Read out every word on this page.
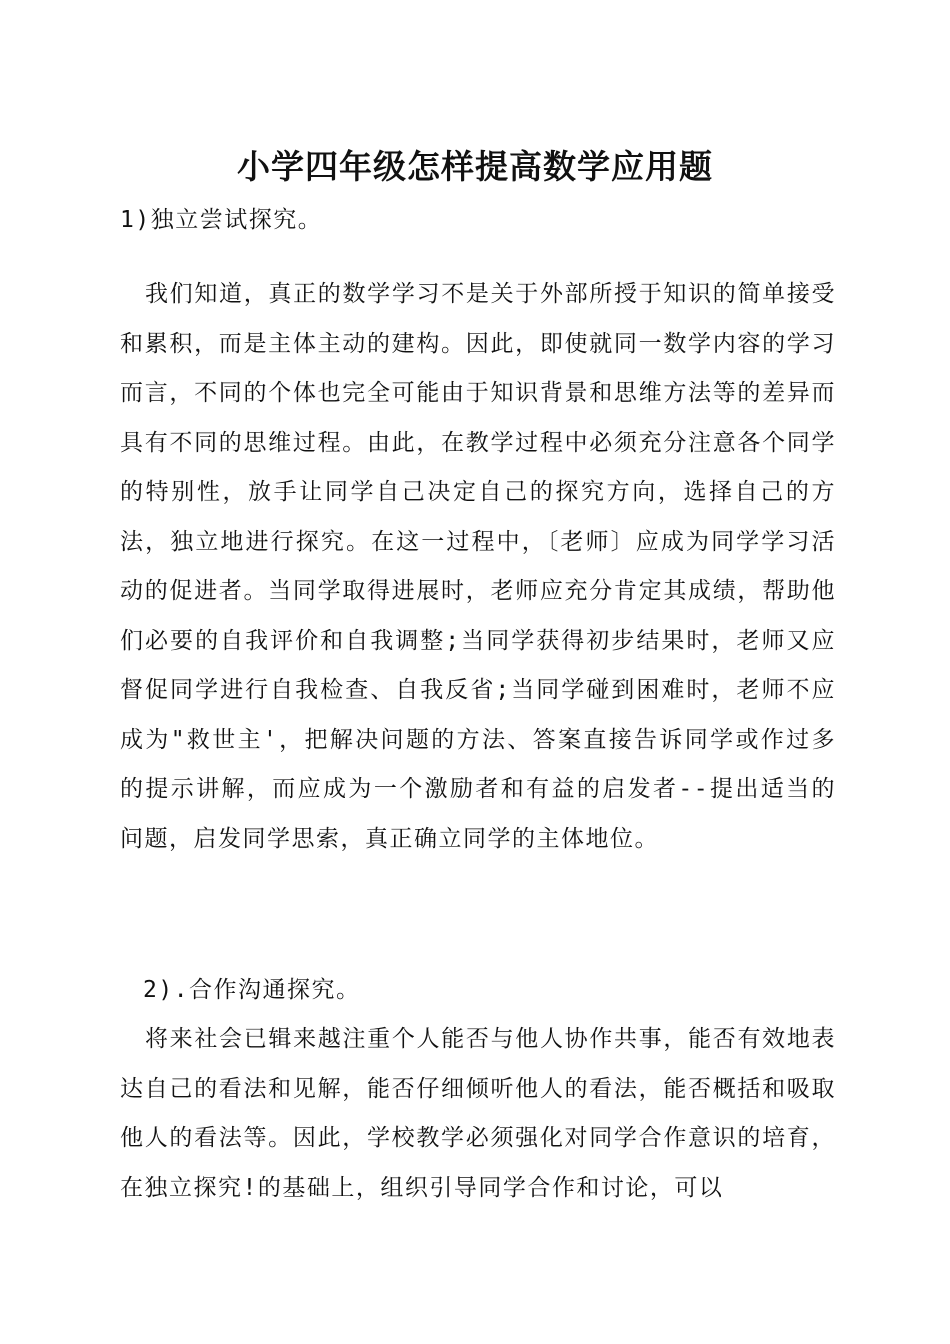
小学四年级怎样提高数学应用题
1)独立尝试探究。
我们知道，真正的数学学习不是关于外部所授于知识的简单接受和累积，而是主体主动的建构。因此，即使就同一数学内容的学习而言，不同的个体也完全可能由于知识背景和思维方法等的差异而具有不同的思维过程。由此，在教学过程中必须充分注意各个同学的特别性，放手让同学自己决定自己的探究方向，选择自己的方法，独立地进行探究。在这一过程中，〔老师〕应成为同学学习活动的促进者。当同学取得进展时，老师应充分肯定其成绩，帮助他们必要的自我评价和自我调整;当同学获得初步结果时，老师又应督促同学进行自我检查、自我反省;当同学碰到困难时，老师不应成为"救世主'，把解决问题的方法、答案直接告诉同学或作过多的提示讲解，而应成为一个激励者和有益的启发者--提出适当的问题，启发同学思索，真正确立同学的主体地位。
2).合作沟通探究。
将来社会已辑来越注重个人能否与他人协作共事，能否有效地表达自己的看法和见解，能否仔细倾听他人的看法，能否概括和吸取他人的看法等。因此，学校教学必须强化对同学合作意识的培育，在独立探究!的基础上，组织引导同学合作和讨论，可以
